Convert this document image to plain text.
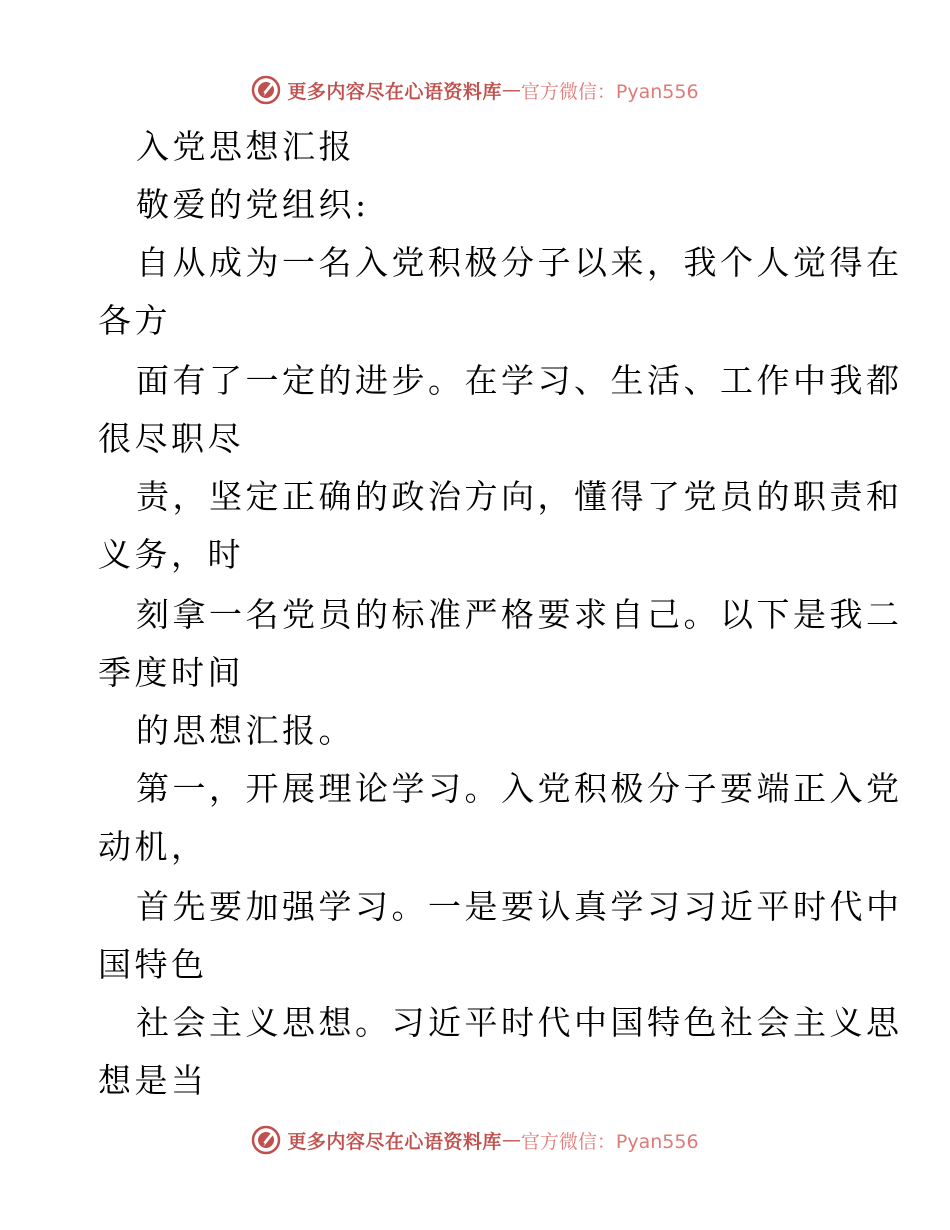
更多内容尽在心语资料库 — 官方微信：Pyan556
入党思想汇报
敬爱的党组织:
自从成为一名入党积极分子以来，我个人觉得在
各方
面有了一定的进步。在学习、生活、工作中我都
很尽职尽
责，坚定正确的政治方向，懂得了党员的职责和
义务，时
刻拿一名党员的标准严格要求自己。以下是我二
季度时间
的思想汇报。
第一，开展理论学习。入党积极分子要端正入党
动机，
首先要加强学习。一是要认真学习习近平时代中
国特色
社会主义思想。习近平时代中国特色社会主义思
想是当
更多内容尽在心语资料库 — 官方微信：Pyan556
